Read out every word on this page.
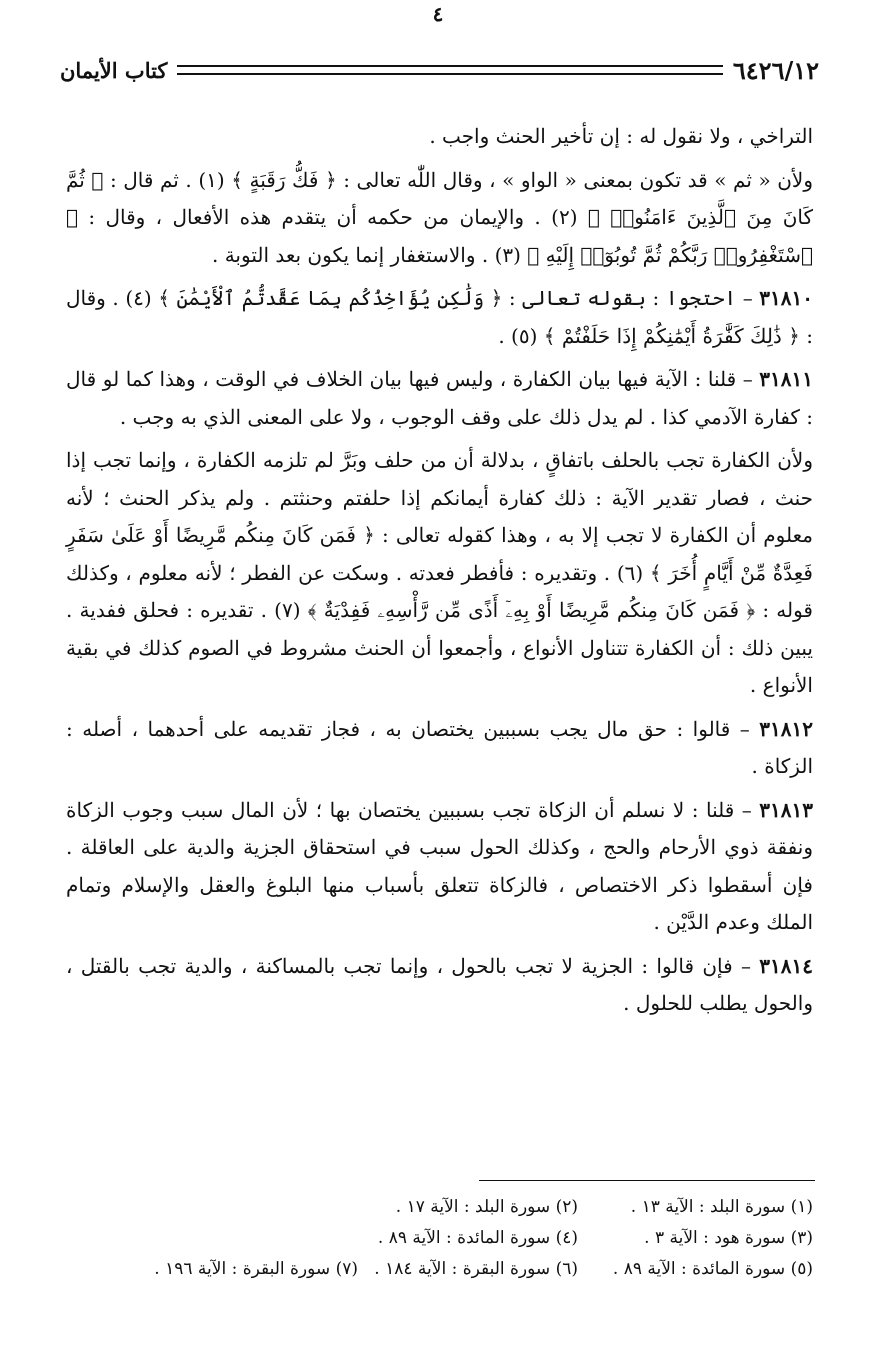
٤
٦٤٢٦/١٢
كتاب الأيمان

التراخي ، ولا نقول له : إن تأخير الحنث واجب .

ولأن « ثم » قد تكون بمعنى « الواو » ، وقال اللّٰه تعالى : ﴿ فَكُّ رَقَبَةٍ ﴾ (١) . ثم قال : ﴿ ثُمَّ كَانَ مِنَ ٱلَّذِينَ ءَامَنُوا۟ ﴾ (٢) . والإيمان من حكمه أن يتقدم هذه الأفعال ، وقال : ﴿ ٱسْتَغْفِرُوا۟ رَبَّكُمْ ثُمَّ تُوبُوٓا۟ إِلَيْهِ ﴾ (٣) . والاستغفار إنما يكون بعد التوبة .

٣١٨١٠ – احتجوا : بقوله تعالى : ﴿ وَلَٰكِن يُؤَاخِذُكُم بِمَا عَقَّدتُّمُ ٱلْأَيْمَٰنَ ﴾ (٤) . وقال : ﴿ ذَٰلِكَ كَفَّٰرَةُ أَيْمَٰنِكُمْ إِذَا حَلَفْتُمْ ﴾ (٥) .

٣١٨١١ – قلنا : الآية فيها بيان الكفارة ، وليس فيها بيان الخلاف في الوقت ، وهذا كما لو قال : كفارة الآدمي كذا . لم يدل ذلك على وقف الوجوب ، ولا على المعنى الذي به وجب .

ولأن الكفارة تجب بالحلف باتفاقٍ ، بدلالة أن من حلف وبَرَّ لم تلزمه الكفارة ، وإنما تجب إذا حنث ، فصار تقدير الآية : ذلك كفارة أيمانكم إذا حلفتم وحنثتم . ولم يذكر الحنث ؛ لأنه معلوم أن الكفارة لا تجب إلا به ، وهذا كقوله تعالى : ﴿ فَمَن كَانَ مِنكُم مَّرِيضًا أَوْ عَلَىٰ سَفَرٍ فَعِدَّةٌ مِّنْ أَيَّامٍ أُخَرَ ﴾ (٦) . وتقديره : فأفطر فعدته . وسكت عن الفطر ؛ لأنه معلوم ، وكذلك قوله : ﴿ فَمَن كَانَ مِنكُم مَّرِيضًا أَوْ بِهِۦٓ أَذًى مِّن رَّأْسِهِۦ فَفِدْيَةٌ ﴾ (٧) . تقديره : فحلق ففدية . يبين ذلك : أن الكفارة تتناول الأنواع ، وأجمعوا أن الحنث مشروط في الصوم كذلك في بقية الأنواع .

٣١٨١٢ – قالوا : حق مال يجب بسببين يختصان به ، فجاز تقديمه على أحدهما ، أصله : الزكاة .

٣١٨١٣ – قلنا : لا نسلم أن الزكاة تجب بسببين يختصان بها ؛ لأن المال سبب وجوب الزكاة ونفقة ذوي الأرحام والحج ، وكذلك الحول سبب في استحقاق الجزية والدية على العاقلة . فإن أسقطوا ذكر الاختصاص ، فالزكاة تتعلق بأسباب منها البلوغ والعقل والإسلام وتمام الملك وعدم الدَّيْن .

٣١٨١٤ – فإن قالوا : الجزية لا تجب بالحول ، وإنما تجب بالمساكنة ، والدية تجب بالقتل ، والحول يطلب للحلول .

(١) سورة البلد : الآية ١٣ .
(٢) سورة البلد : الآية ١٧ .
(٣) سورة هود : الآية ٣ .
(٤) سورة المائدة : الآية ٨٩ .
(٥) سورة المائدة : الآية ٨٩ .
(٦) سورة البقرة : الآية ١٨٤ .
(٧) سورة البقرة : الآية ١٩٦ .
